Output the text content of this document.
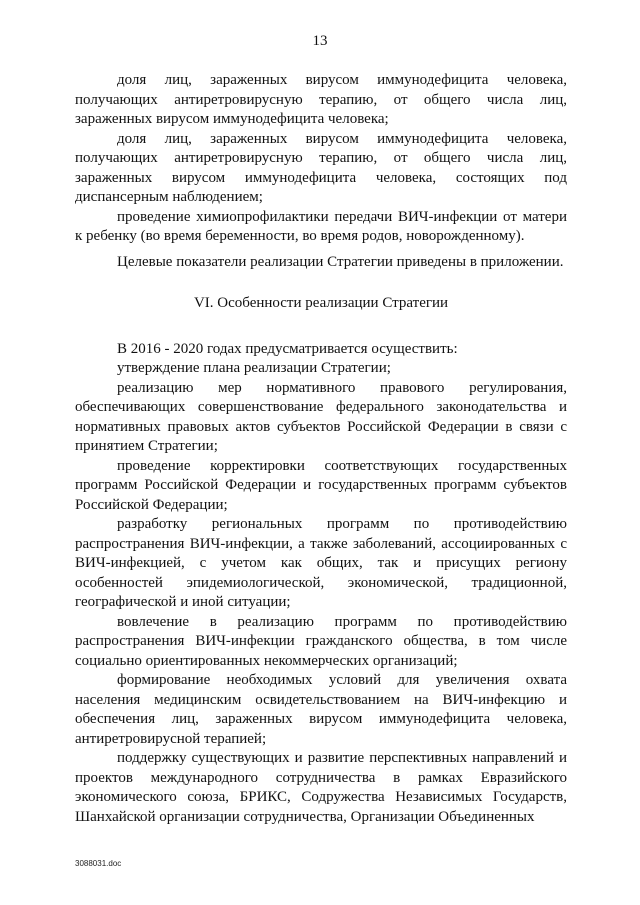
13

доля лиц, зараженных вирусом иммунодефицита человека, получающих антиретровирусную терапию, от общего числа лиц, зараженных вирусом иммунодефицита человека;

доля лиц, зараженных вирусом иммунодефицита человека, получающих антиретровирусную терапию, от общего числа лиц, зараженных вирусом иммунодефицита человека, состоящих под диспансерным наблюдением;

проведение химиопрофилактики передачи ВИЧ-инфекции от матери к ребенку (во время беременности, во время родов, новорожденному).

Целевые показатели реализации Стратегии приведены в приложении.

VI. Особенности реализации Стратегии

В 2016 - 2020 годах предусматривается осуществить:

утверждение плана реализации Стратегии;

реализацию мер нормативного правового регулирования, обеспечивающих совершенствование федерального законодательства и нормативных правовых актов субъектов Российской Федерации в связи с принятием Стратегии;

проведение корректировки соответствующих государственных программ Российской Федерации и государственных программ субъектов Российской Федерации;

разработку региональных программ по противодействию распространения ВИЧ-инфекции, а также заболеваний, ассоциированных с ВИЧ-инфекцией, с учетом как общих, так и присущих региону особенностей эпидемиологической, экономической, традиционной, географической и иной ситуации;

вовлечение в реализацию программ по противодействию распространения ВИЧ-инфекции гражданского общества, в том числе социально ориентированных некоммерческих организаций;

формирование необходимых условий для увеличения охвата населения медицинским освидетельствованием на ВИЧ-инфекцию и обеспечения лиц, зараженных вирусом иммунодефицита человека, антиретровирусной терапией;

поддержку существующих и развитие перспективных направлений и проектов международного сотрудничества в рамках Евразийского экономического союза, БРИКС, Содружества Независимых Государств, Шанхайской организации сотрудничества, Организации Объединенных

3088031.doc
